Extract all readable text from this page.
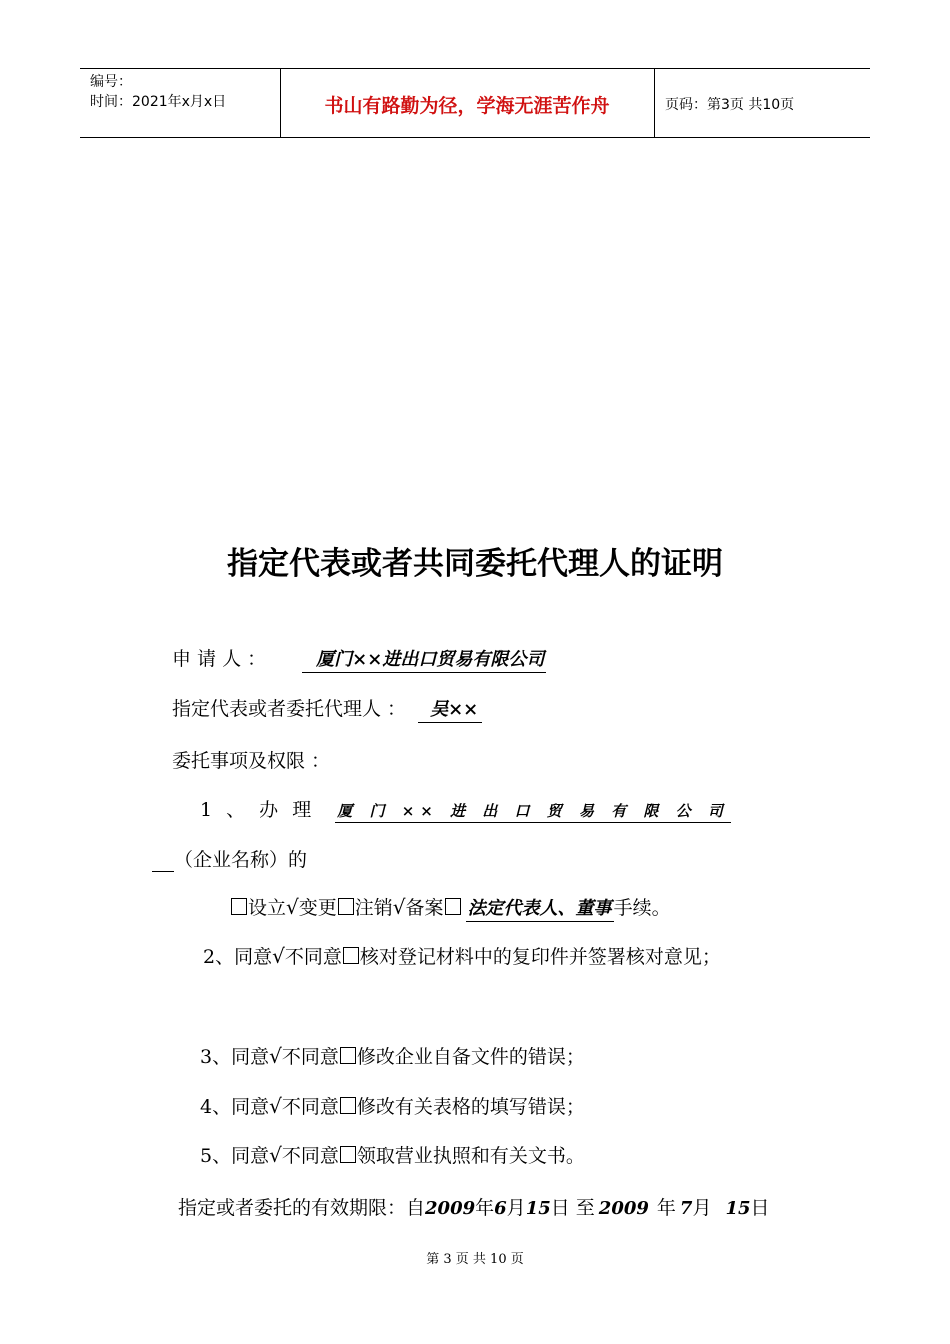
编号：
时间：2021年x月x日	书山有路勤为径，学海无涯苦作舟	页码：第3页 共10页
指定代表或者共同委托代理人的证明
申 请 人 ：	厦门××进出口贸易有限公司
指定代表或者委托代理人 ： 吴××
委托事项及权限 ：
1 、 办 理 厦 门 ×× 进 出 口 贸 易 有 限 公 司
（企业名称）的
设立√变更 注销√备案 法定代表人、董事 手续。
2、同意√不同意 核对登记材料中的复印件并签署核对意见；
3、同意√不同意 修改企业自备文件的错误；
4、同意√不同意 修改有关表格的填写错误；
5、同意√不同意 领取营业执照和有关文书。
指定或者委托的有效期限：自2009年6月15日 至 2009 年 7月 15日
第 3 页 共 10 页
